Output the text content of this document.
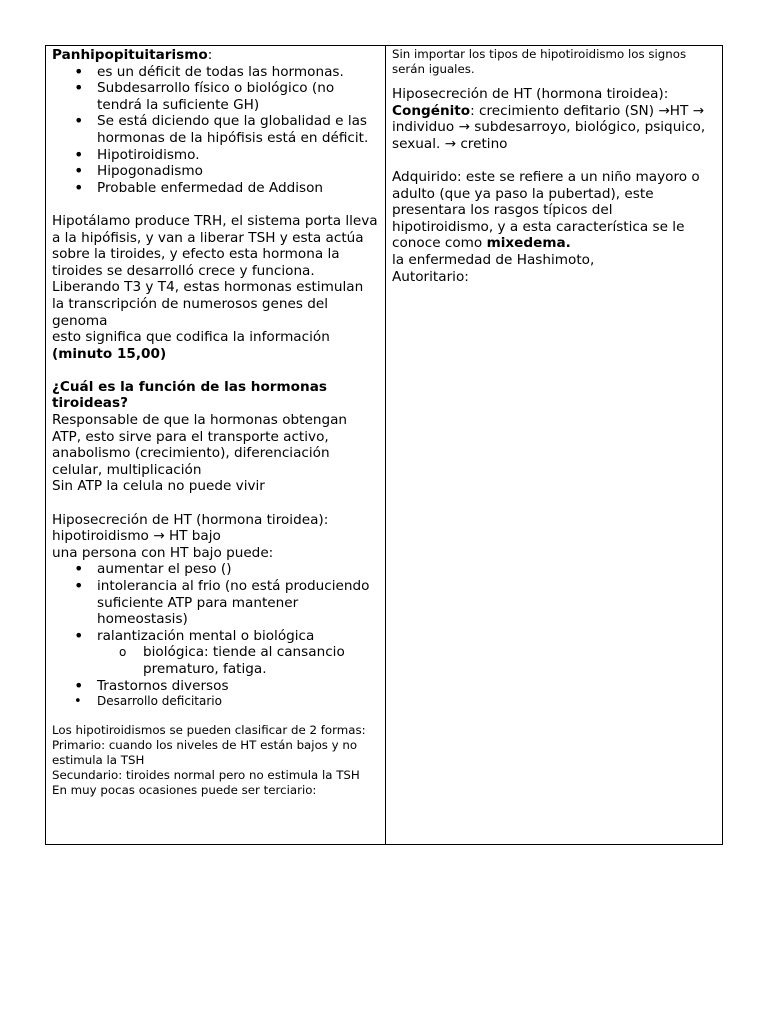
Panhipopituitarismo:
• es un déficit de todas las hormonas.
• Subdesarrollo físico o biológico (no tendrá la suficiente GH)
• Se está diciendo que la globalidad e las hormonas de la hipófisis está en déficit.
• Hipotiroidismo.
• Hipogonadismo
• Probable enfermedad de Addison
Hipotálamo produce TRH, el sistema porta lleva a la hipófisis, y van a liberar TSH y esta actúa sobre la tiroides, y efecto esta hormona la tiroides se desarrolló crece y funciona.
Liberando T3 y T4, estas hormonas estimulan la transcripción de numerosos genes del genoma
esto significa que codifica la información
(minuto 15,00)
¿Cuál es la función de las hormonas tiroideas?
Responsable de que la hormonas obtengan ATP, esto sirve para el transporte activo, anabolismo (crecimiento), diferenciación celular, multiplicación
Sin ATP la celula no puede vivir
Hiposecreción de HT (hormona tiroidea):
hipotiroidismo → HT bajo
una persona con HT bajo puede:
• aumentar el peso ()
• intolerancia al frio (no está produciendo suficiente ATP para mantener homeostasis)
• ralantización mental o biológica
o biológica: tiende al cansancio prematuro, fatiga.
• Trastornos diversos
• Desarrollo deficitario
Los hipotiroidismos se pueden clasificar de 2 formas:
Primario: cuando los niveles de HT están bajos y no estimula la TSH
Secundario: tiroides normal pero no estimula la TSH
En muy pocas ocasiones puede ser terciario:

Sin importar los tipos de hipotiroidismo los signos serán iguales.
Hiposecreción de HT (hormona tiroidea):
Congénito: crecimiento defitario (SN) →HT → individuo → subdesarroyo, biológico, psiquico, sexual. → cretino
Adquirido: este se refiere a un niño mayoro o adulto (que ya paso la pubertad), este presentara los rasgos típicos del hipotiroidismo, y a esta característica se le conoce como mixedema.
la enfermedad de Hashimoto,
Autoritario:
